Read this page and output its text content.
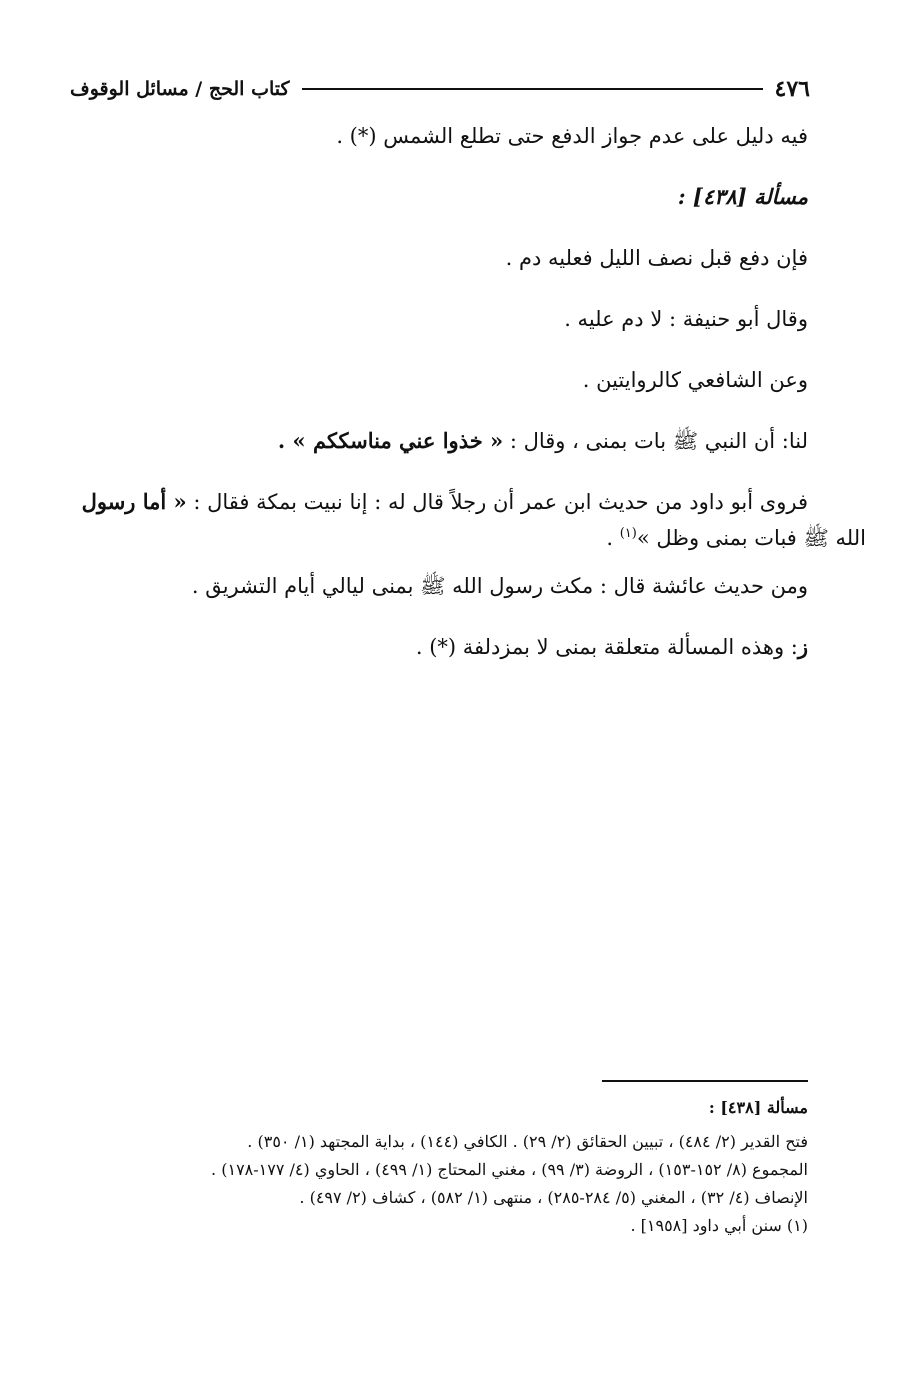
٤٧٦
كتاب الحج / مسائل الوقوف

فيه دليل على عدم جواز الدفع حتى تطلع الشمس (*) .

مسألة [٤٣٨] :

فإن دفع قبل نصف الليل فعليه دم .

وقال أبو حنيفة : لا دم عليه .

وعن الشافعي كالروايتين .

لنا: أن النبي ﷺ بات بمنى ، وقال : « خذوا عني مناسككم » .

فروى أبو داود من حديث ابن عمر أن رجلاً قال له : إنا نبيت بمكة فقال : « أما رسول
الله ﷺ فبات بمنى وظل »$^{(١)}$ .

ومن حديث عائشة قال : مكث رسول الله ﷺ بمنى ليالي أيام التشريق .

ز: وهذه المسألة متعلقة بمنى لا بمزدلفة (*) .

مسألة [٤٣٨] :

فتح القدير (٢/ ٤٨٤) ، تبيين الحقائق (٢/ ٢٩) . الكافي (١٤٤) ، بداية المجتهد (١/ ٣٥٠) .

المجموع (٨/ ١٥٢-١٥٣) ، الروضة (٣/ ٩٩) ، مغني المحتاج (١/ ٤٩٩) ، الحاوي (٤/ ١٧٧-١٧٨) .

الإنصاف (٤/ ٣٢) ، المغني (٥/ ٢٨٤-٢٨٥) ، منتهى (١/ ٥٨٢) ، كشاف (٢/ ٤٩٧) .

(١) سنن أبي داود [١٩٥٨] .
